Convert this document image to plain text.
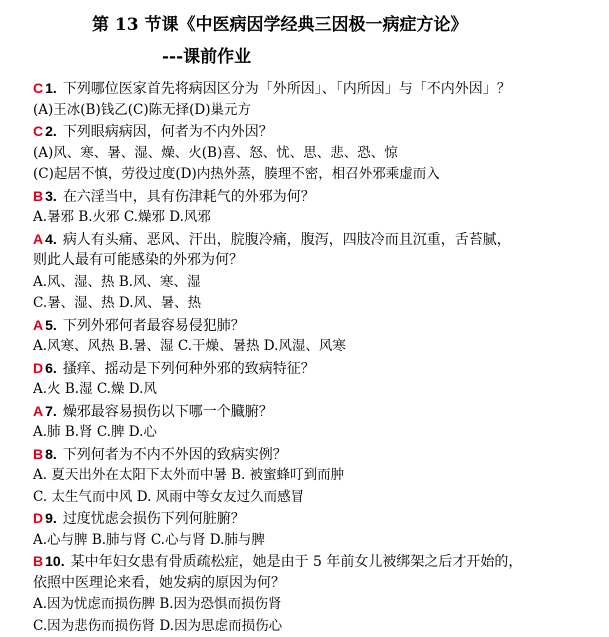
第 13 节课《中医病因学经典三因极一病症方论》
---课前作业
C 1. 下列哪位医家首先将病因区分为「外所因」、「内所因」与「不内外因」？
(A)王冰(B)钱乙(C)陈无择(D)巢元方
C 2. 下列眼病病因，何者为不内外因？
(A)风、寒、暑、湿、燥、火(B)喜、怒、忧、思、悲、恐、惊
(C)起居不慎，劳役过度(D)内热外蒸，腠理不密，相召外邪乘虚而入
B 3. 在六淫当中，具有伤津耗气的外邪为何？
A.暑邪 B.火邪 C.燥邪 D.风邪
A 4. 病人有头痛、恶风、汗出，脘腹冷痛，腹泻，四肢冷而且沉重，舌苔腻，
则此人最有可能感染的外邪为何？
A.风、湿、热 B.风、寒、湿
C.暑、湿、热 D.风、暑、热
A 5. 下列外邪何者最容易侵犯肺？
A.风寒、风热 B.暑、湿 C.干燥、暑热 D.风湿、风寒
D 6. 搔痒、摇动是下列何种外邪的致病特征？
A.火 B.湿 C.燥 D.风
A 7. 燥邪最容易损伤以下哪一个臓腑？
A.肺 B.肾 C.脾 D.心
B 8. 下列何者为不内不外因的致病实例？
A. 夏天出外在太阳下太外而中暑 B. 被蜜蜂叮到而肿
C. 太生气而中风 D. 风雨中等女友过久而感冒
D 9. 过度忧虑会损伤下列何脏腑？
A.心与脾 B.肺与肾 C.心与肾 D.肺与脾
B 10. 某中年妇女患有骨质疏松症，她是由于 5 年前女儿被绑架之后才开始的，
依照中医理论来看，她发病的原因为何？
A.因为忧虑而损伤脾 B.因为恐惧而损伤肾
C.因为悲伤而损伤肾 D.因为思虑而损伤心
